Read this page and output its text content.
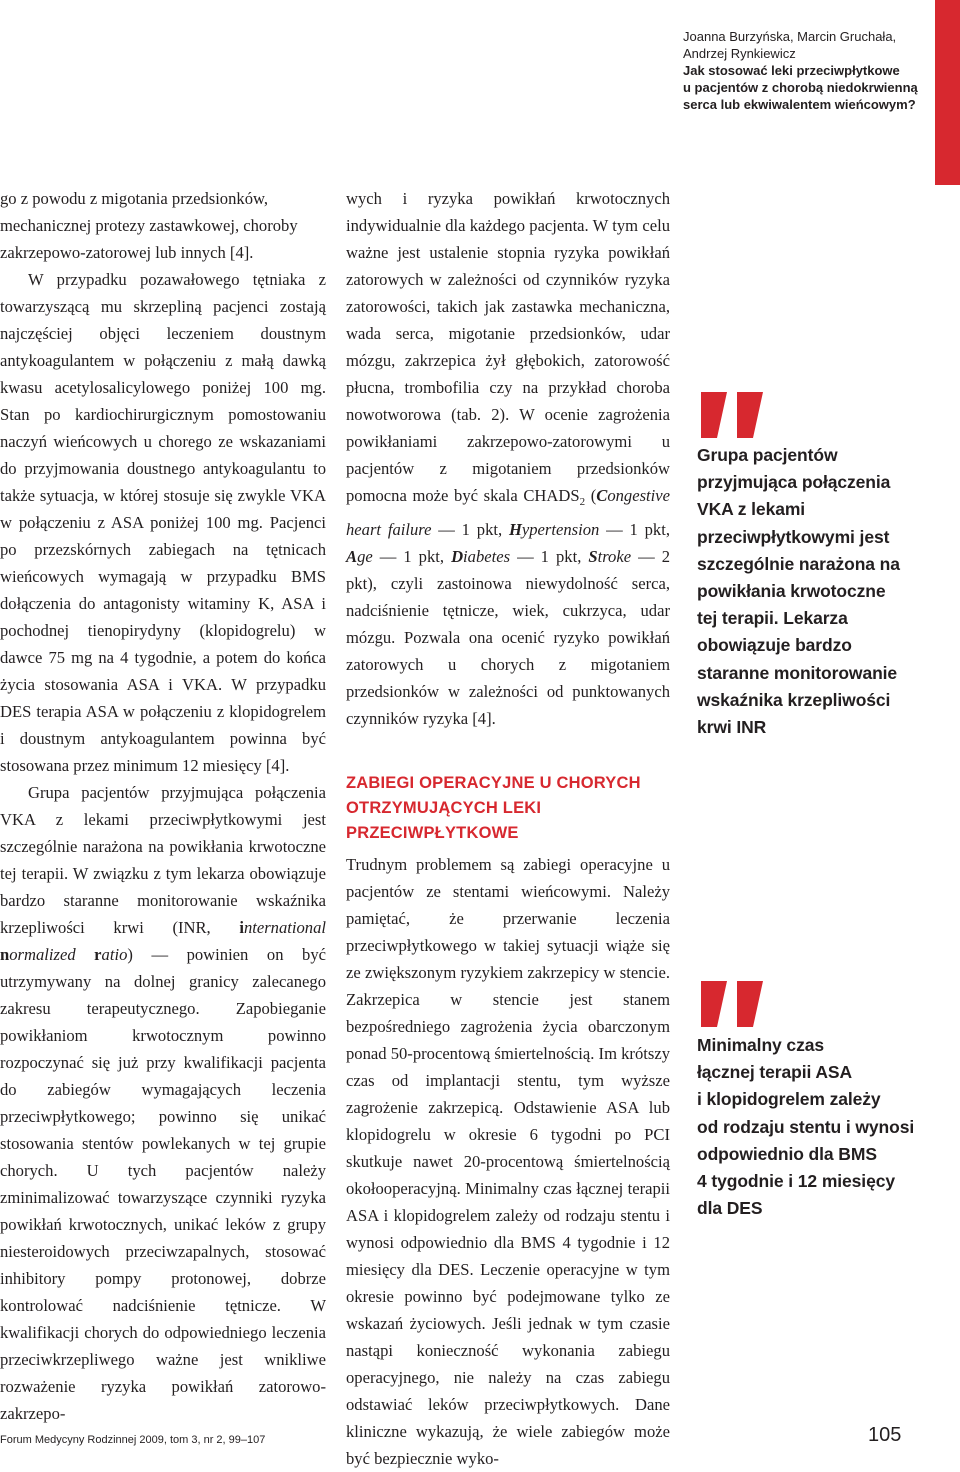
Joanna Burzyńska, Marcin Gruchała,
Andrzej Rynkiewicz
Jak stosować leki przeciwpłytkowe
u pacjentów z chorobą niedokrwienną
serca lub ekwiwalentem wieńcowym?

go z powodu z migotania przedsionków, mechanicznej protezy zastawkowej, choroby zakrzepowo-zatorowej lub innych [4].

W przypadku pozawałowego tętniaka z towarzyszącą mu skrzepliną pacjenci zostają najczęściej objęci leczeniem doustnym antykoagulantem w połączeniu z małą dawką kwasu acetylosalicylowego poniżej 100 mg. Stan po kardiochirurgicznym pomostowaniu naczyń wieńcowych u chorego ze wskazaniami do przyjmowania doustnego antykoagulantu to także sytuacja, w której stosuje się zwykle VKA w połączeniu z ASA poniżej 100 mg. Pacjenci po przezskórnych zabiegach na tętnicach wieńcowych wymagają w przypadku BMS dołączenia do antagonisty witaminy K, ASA i pochodnej tienopirydyny (klopidogrelu) w dawce 75 mg na 4 tygodnie, a potem do końca życia stosowania ASA i VKA. W przypadku DES terapia ASA w połączeniu z klopidogrelem i doustnym antykoagulantem powinna być stosowana przez minimum 12 miesięcy [4].

Grupa pacjentów przyjmująca połączenia VKA z lekami przeciwpłytkowymi jest szczególnie narażona na powikłania krwotoczne tej terapii. W związku z tym lekarza obowiązuje bardzo staranne monitorowanie wskaźnika krzepliwości krwi (INR, international normalized ratio) — powinien on być utrzymywany na dolnej granicy zalecanego zakresu terapeutycznego. Zapobieganie powikłaniom krwotocznym powinno rozpoczynać się już przy kwalifikacji pacjenta do zabiegów wymagających leczenia przeciwpłytkowego; powinno się unikać stosowania stentów powlekanych w tej grupie chorych. U tych pacjentów należy zminimalizować towarzyszące czynniki ryzyka powikłań krwotocznych, unikać leków z grupy niesteroidowych przeciwzapalnych, stosować inhibitory pompy protonowej, dobrze kontrolować nadciśnienie tętnicze. W kwalifikacji chorych do odpowiedniego leczenia przeciwkrzepliwego ważne jest wnikliwe rozważenie ryzyka powikłań zatorowo-zakrzepo-

wych i ryzyka powikłań krwotocznych indywidualnie dla każdego pacjenta. W tym celu ważne jest ustalenie stopnia ryzyka powikłań zatorowych w zależności od czynników ryzyka zatorowości, takich jak zastawka mechaniczna, wada serca, migotanie przedsionków, udar mózgu, zakrzepica żył głębokich, zatorowość płucna, trombofilia czy na przykład choroba nowotworowa (tab. 2). W ocenie zagrożenia powikłaniami zakrzepowo-zatorowymi u pacjentów z migotaniem przedsionków pomocna może być skala $CHADS_2$ (Congestive heart failure — 1 pkt, Hypertension — 1 pkt, Age — 1 pkt, Diabetes — 1 pkt, Stroke — 2 pkt), czyli zastoinowa niewydolność serca, nadciśnienie tętnicze, wiek, cukrzyca, udar mózgu. Pozwala ona ocenić ryzyko powikłań zatorowych u chorych z migotaniem przedsionków w zależności od punktowanych czynników ryzyka [4].

ZABIEGI OPERACYJNE U CHORYCH
OTRZYMUJĄCYCH LEKI PRZECIWPŁYTKOWE

Trudnym problemem są zabiegi operacyjne u pacjentów ze stentami wieńcowymi. Należy pamiętać, że przerwanie leczenia przeciwpłytkowego w takiej sytuacji wiąże się ze zwiększonym ryzykiem zakrzepicy w stencie. Zakrzepica w stencie jest stanem bezpośredniego zagrożenia życia obarczonym ponad 50-procentową śmiertelnością. Im krótszy czas od implantacji stentu, tym wyższe zagrożenie zakrzepicą. Odstawienie ASA lub klopidogrelu w okresie 6 tygodni po PCI skutkuje nawet 20-procentową śmiertelnością okołooperacyjną. Minimalny czas łącznej terapii ASA i klopidogrelem zależy od rodzaju stentu i wynosi odpowiednio dla BMS 4 tygodnie i 12 miesięcy dla DES. Leczenie operacyjne w tym okresie powinno być podejmowane tylko ze wskazań życiowych. Jeśli jednak w tym czasie nastąpi konieczność wykonania zabiegu operacyjnego, nie należy na czas zabiegu odstawiać leków przeciwpłytkowych. Dane kliniczne wykazują, że wiele zabiegów może być bezpiecznie wyko-

Grupa pacjentów
przyjmująca połączenia
VKA z lekami
przeciwpłytkowymi jest
szczególnie narażona na
powikłania krwotoczne
tej terapii. Lekarza
obowiązuje bardzo
staranne monitorowanie
wskaźnika krzepliwości
krwi INR
Minimalny czas
łącznej terapii ASA
i klopidogrelem zależy
od rodzaju stentu i wynosi
odpowiednio dla BMS
4 tygodnie i 12 miesięcy
dla DES
Forum Medycyny Rodzinnej 2009, tom 3, nr 2, 99–107	105
